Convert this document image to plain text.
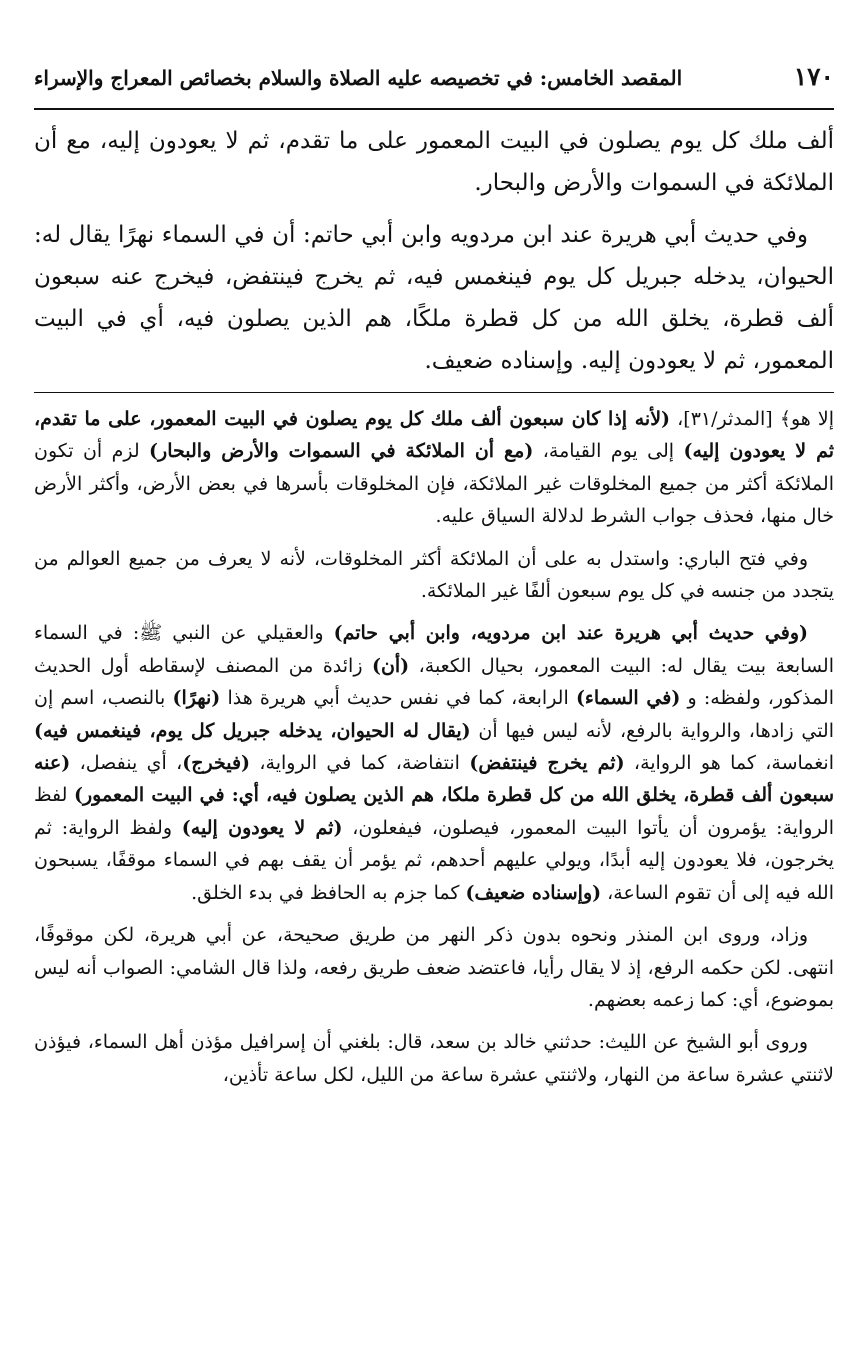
١٧٠
المقصد الخامس: في تخصيصه عليه الصلاة والسلام بخصائص المعراج والإسراء

ألف ملك كل يوم يصلون في البيت المعمور على ما تقدم، ثم لا يعودون إليه، مع أن الملائكة في السموات والأرض والبحار.

وفي حديث أبي هريرة عند ابن مردويه وابن أبي حاتم: أن في السماء نهرًا يقال له: الحيوان، يدخله جبريل كل يوم فينغمس فيه، ثم يخرج فينتفض، فيخرج عنه سبعون ألف قطرة، يخلق الله من كل قطرة ملكًا، هم الذين يصلون فيه، أي في البيت المعمور، ثم لا يعودون إليه. وإسناده ضعيف.

إلا هو﴾ [المدثر/٣١]، (لأنه إذا كان سبعون ألف ملك كل يوم يصلون في البيت المعمور، على ما تقدم، ثم لا يعودون إليه) إلى يوم القيامة، (مع أن الملائكة في السموات والأرض والبحار) لزم أن تكون الملائكة أكثر من جميع المخلوقات غير الملائكة، فإن المخلوقات بأسرها في بعض الأرض، وأكثر الأرض خال منها، فحذف جواب الشرط لدلالة السياق عليه.

وفي فتح الباري: واستدل به على أن الملائكة أكثر المخلوقات، لأنه لا يعرف من جميع العوالم من يتجدد من جنسه في كل يوم سبعون ألفًا غير الملائكة.

(وفي حديث أبي هريرة عند ابن مردويه، وابن أبي حاتم) والعقيلي عن النبي ﷺ: في السماء السابعة بيت يقال له: البيت المعمور، بحيال الكعبة، (أن) زائدة من المصنف لإسقاطه أول الحديث المذكور، ولفظه: و (في السماء) الرابعة، كما في نفس حديث أبي هريرة هذا (نهرًا) بالنصب، اسم إن التي زادها، والرواية بالرفع، لأنه ليس فيها أن (يقال له الحيوان، يدخله جبريل كل يوم، فينغمس فيه) انغماسة، كما هو الرواية، (ثم يخرج فينتفض) انتفاضة، كما في الرواية، (فيخرج)، أي ينفصل، (عنه سبعون ألف قطرة، يخلق الله من كل قطرة ملكا، هم الذين يصلون فيه، أي: في البيت المعمور) لفظ الرواية: يؤمرون أن يأتوا البيت المعمور، فيصلون، فيفعلون، (ثم لا يعودون إليه) ولفظ الرواية: ثم يخرجون، فلا يعودون إليه أبدًا، ويولي عليهم أحدهم، ثم يؤمر أن يقف بهم في السماء موقفًا، يسبحون الله فيه إلى أن تقوم الساعة، (وإسناده ضعيف) كما جزم به الحافظ في بدء الخلق.

وزاد، وروى ابن المنذر ونحوه بدون ذكر النهر من طريق صحيحة، عن أبي هريرة، لكن موقوفًا، انتهى. لكن حكمه الرفع، إذ لا يقال رأيا، فاعتضد ضعف طريق رفعه، ولذا قال الشامي: الصواب أنه ليس بموضوع، أي: كما زعمه بعضهم.

وروى أبو الشيخ عن الليث: حدثني خالد بن سعد، قال: بلغني أن إسرافيل مؤذن أهل السماء، فيؤذن لاثنتي عشرة ساعة من النهار، ولاثنتي عشرة ساعة من الليل، لكل ساعة تأذين،
